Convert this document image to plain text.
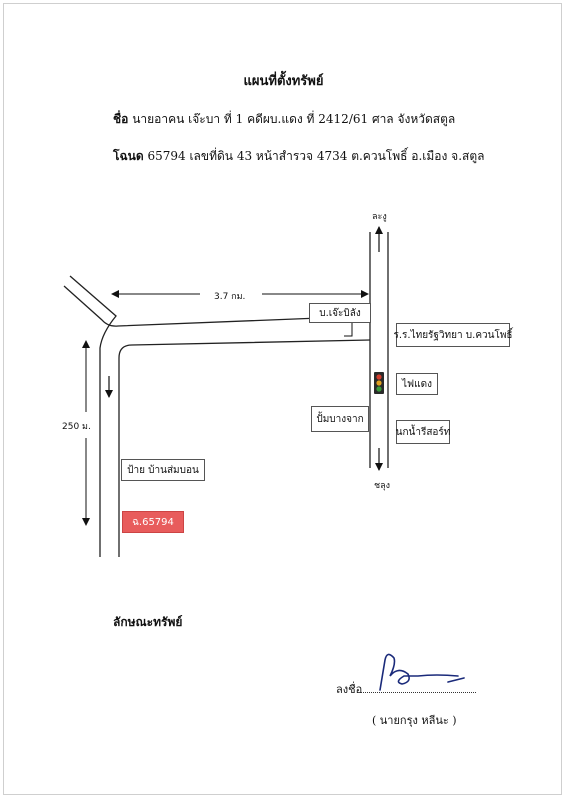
แผนที่ตั้งทรัพย์
ชื่อ นายอาคน เจ๊ะบา ที่ 1 คดีผบ.แดง ที่ 2412/61 ศาล จังหวัดสตูล
โฉนด 65794 เลขที่ดิน 43 หน้าสำรวจ 4734 ต.ควนโพธิ์ อ.เมือง จ.สตูล
ละงู
ชลุง
3.7 กม.
250 ม.
บ.เจ๊ะบิลัง
ร.ร.ไทยรัฐวิทยา บ.ควนโพธิ์
ไฟแดง
ปั้มบางจาก
นกน้ำรีสอร์ท
ป้าย บ้านส่มบอน
ฉ.65794
ลักษณะทรัพย์
ลงชื่อ
( นายกรุง หลีนะ )
